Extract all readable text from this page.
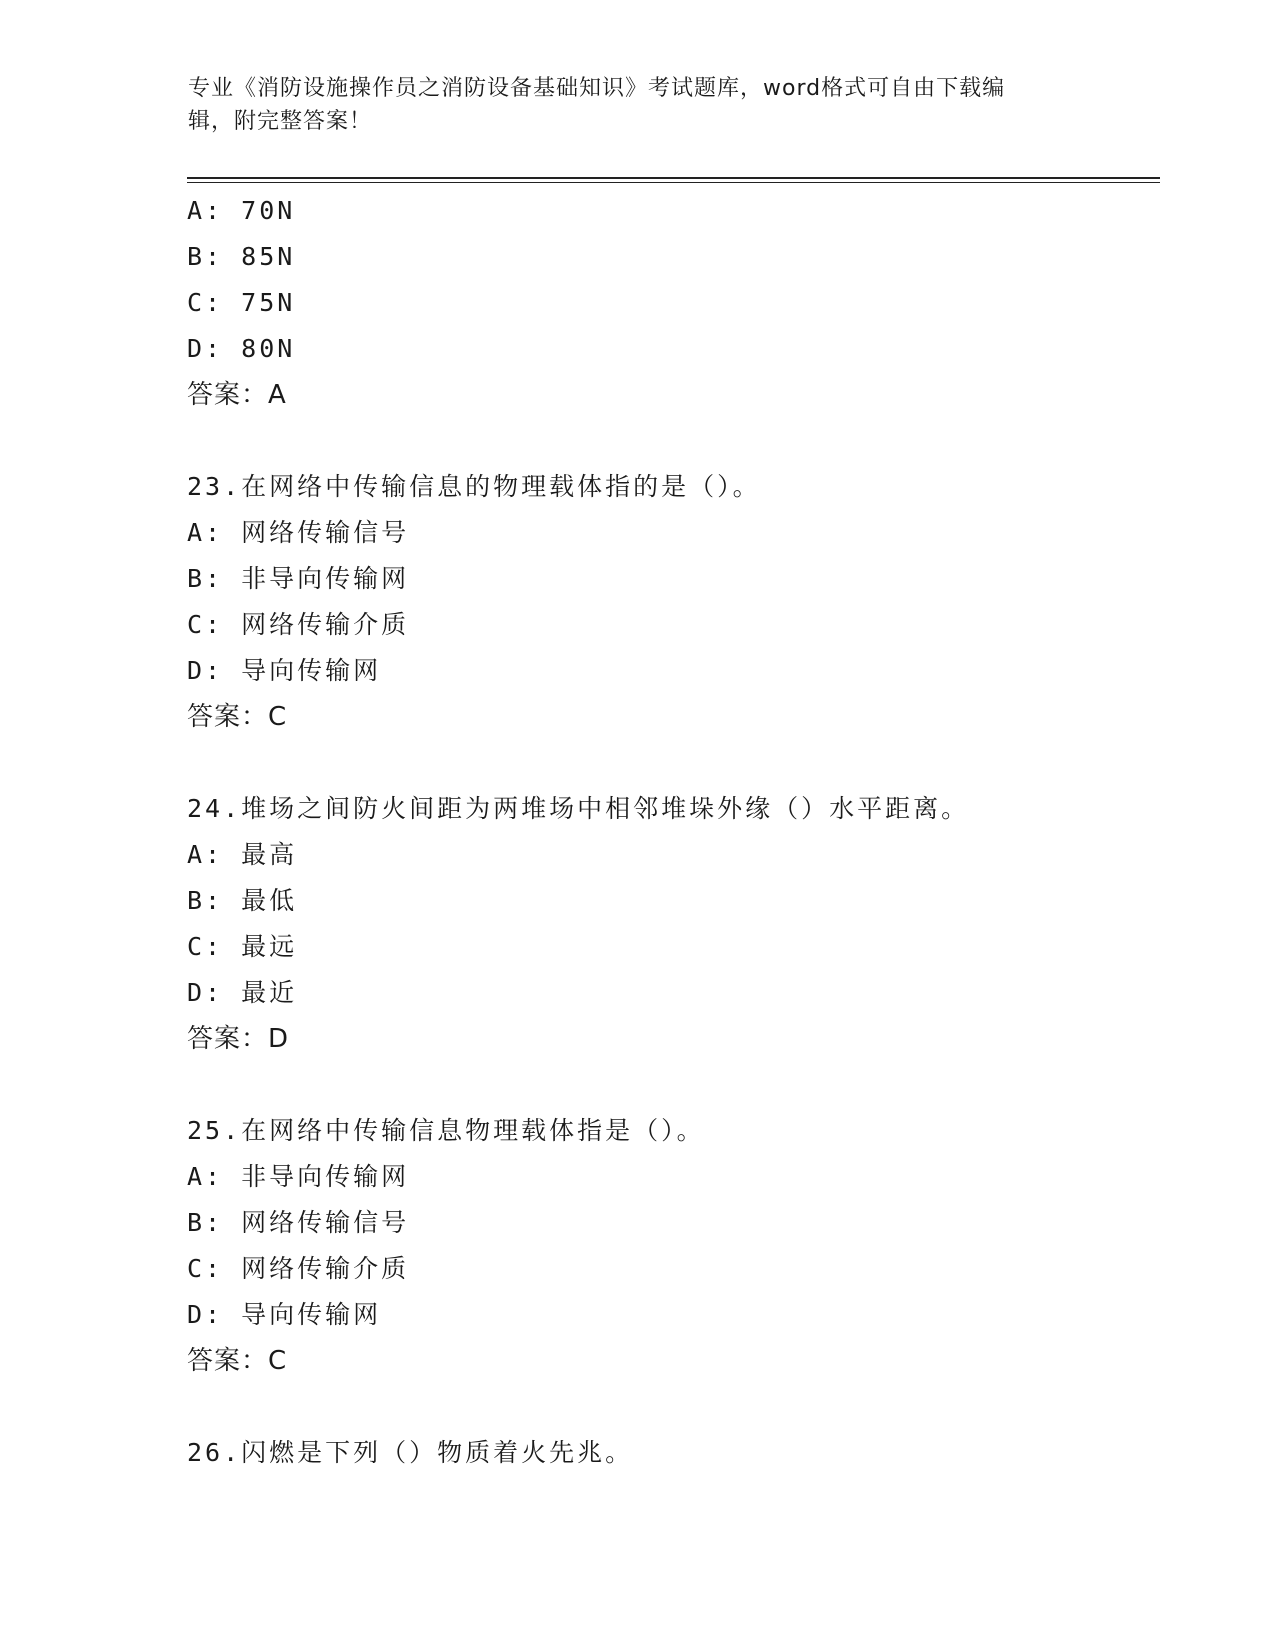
专业《消防设施操作员之消防设备基础知识》考试题库，word格式可自由下载编
辑，附完整答案！
A: 70N
B: 85N
C: 75N
D: 80N
答案：A
23.在网络中传输信息的物理载体指的是（）。
A: 网络传输信号
B: 非导向传输网
C: 网络传输介质
D: 导向传输网
答案：C
24.堆场之间防火间距为两堆场中相邻堆垛外缘（）水平距离。
A: 最高
B: 最低
C: 最远
D: 最近
答案：D
25.在网络中传输信息物理载体指是（）。
A: 非导向传输网
B: 网络传输信号
C: 网络传输介质
D: 导向传输网
答案：C
26.闪燃是下列（）物质着火先兆。
